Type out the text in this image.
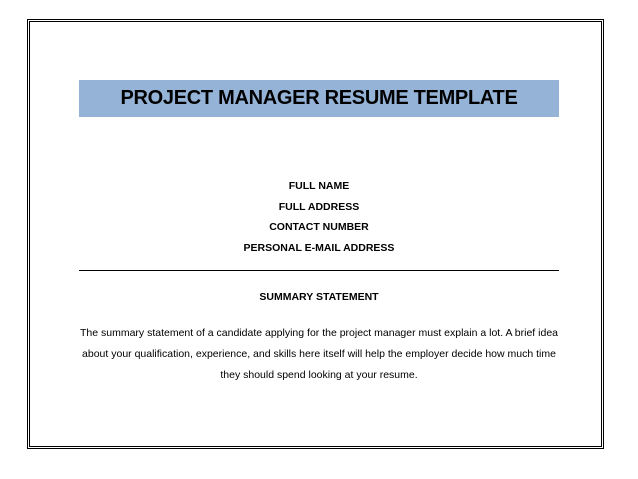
PROJECT MANAGER RESUME TEMPLATE
FULL NAME
FULL ADDRESS
CONTACT NUMBER
PERSONAL E-MAIL ADDRESS
SUMMARY STATEMENT
The summary statement of a candidate applying for the project manager must explain a lot. A brief idea about your qualification, experience, and skills here itself will help the employer decide how much time they should spend looking at your resume.
